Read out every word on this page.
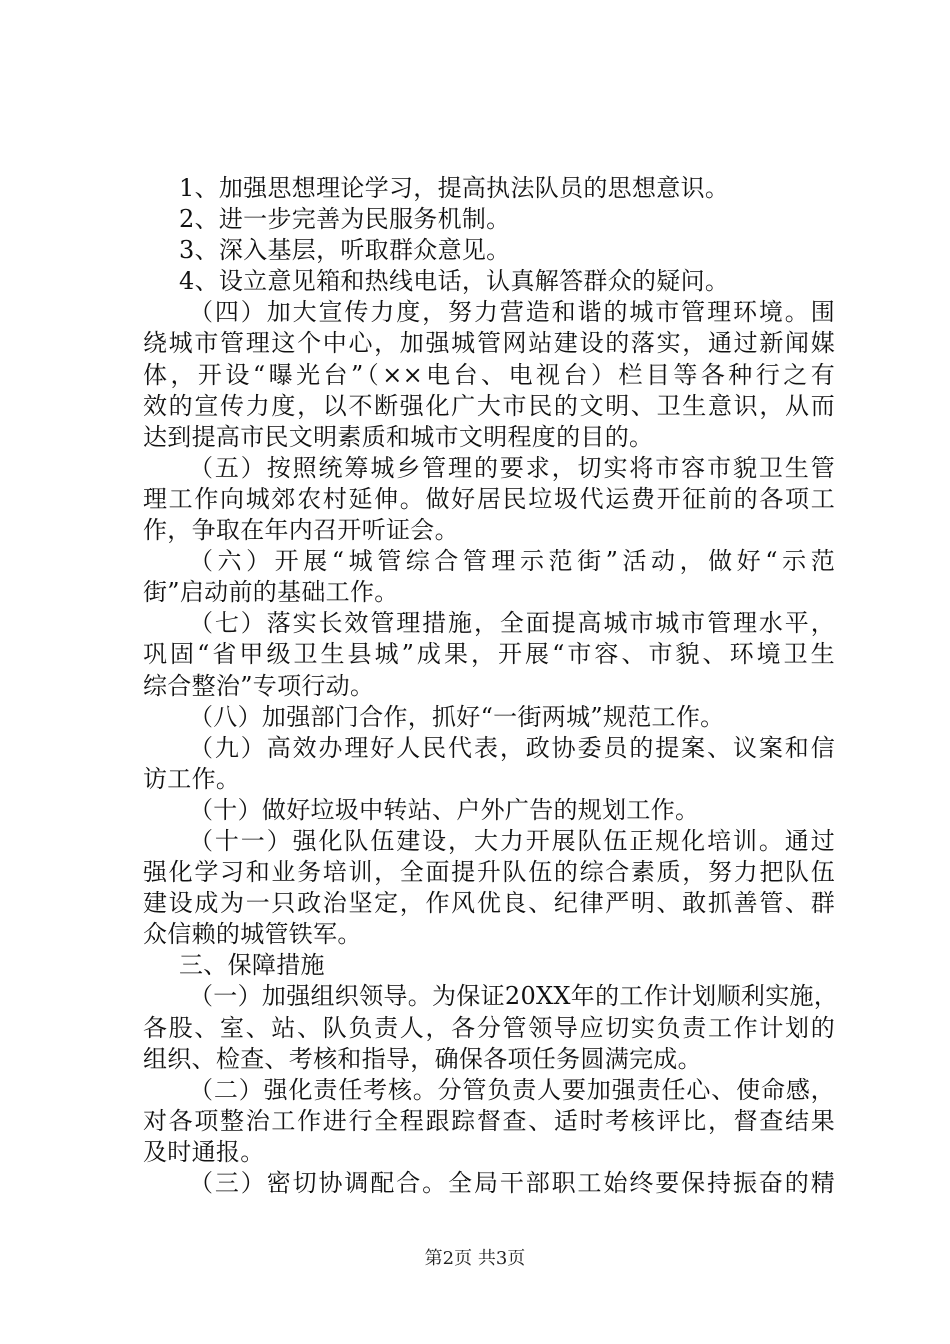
1、加强思想理论学习，提高执法队员的思想意识。
2、进一步完善为民服务机制。
3、深入基层，听取群众意见。
4、设立意见箱和热线电话，认真解答群众的疑问。
（四）加大宣传力度，努力营造和谐的城市管理环境。围
绕城市管理这个中心，加强城管网站建设的落实，通过新闻媒
体，开设“曝光台”（××电台、电视台）栏目等各种行之有
效的宣传力度，以不断强化广大市民的文明、卫生意识，从而
达到提高市民文明素质和城市文明程度的目的。
（五）按照统筹城乡管理的要求，切实将市容市貌卫生管
理工作向城郊农村延伸。做好居民垃圾代运费开征前的各项工
作，争取在年内召开听证会。
（六）开展“城管综合管理示范街”活动，做好“示范
街”启动前的基础工作。
（七）落实长效管理措施，全面提高城市城市管理水平，
巩固“省甲级卫生县城”成果，开展“市容、市貌、环境卫生
综合整治”专项行动。
（八）加强部门合作，抓好“一街两城”规范工作。
（九）高效办理好人民代表，政协委员的提案、议案和信
访工作。
（十）做好垃圾中转站、户外广告的规划工作。
（十一）强化队伍建设，大力开展队伍正规化培训。通过
强化学习和业务培训，全面提升队伍的综合素质，努力把队伍
建设成为一只政治坚定，作风优良、纪律严明、敢抓善管、群
众信赖的城管铁军。
三、保障措施
（一）加强组织领导。为保证20XX年的工作计划顺利实施，
各股、室、站、队负责人，各分管领导应切实负责工作计划的
组织、检查、考核和指导，确保各项任务圆满完成。
（二）强化责任考核。分管负责人要加强责任心、使命感，
对各项整治工作进行全程跟踪督查、适时考核评比，督查结果
及时通报。
（三）密切协调配合。全局干部职工始终要保持振奋的精
第2页 共3页
